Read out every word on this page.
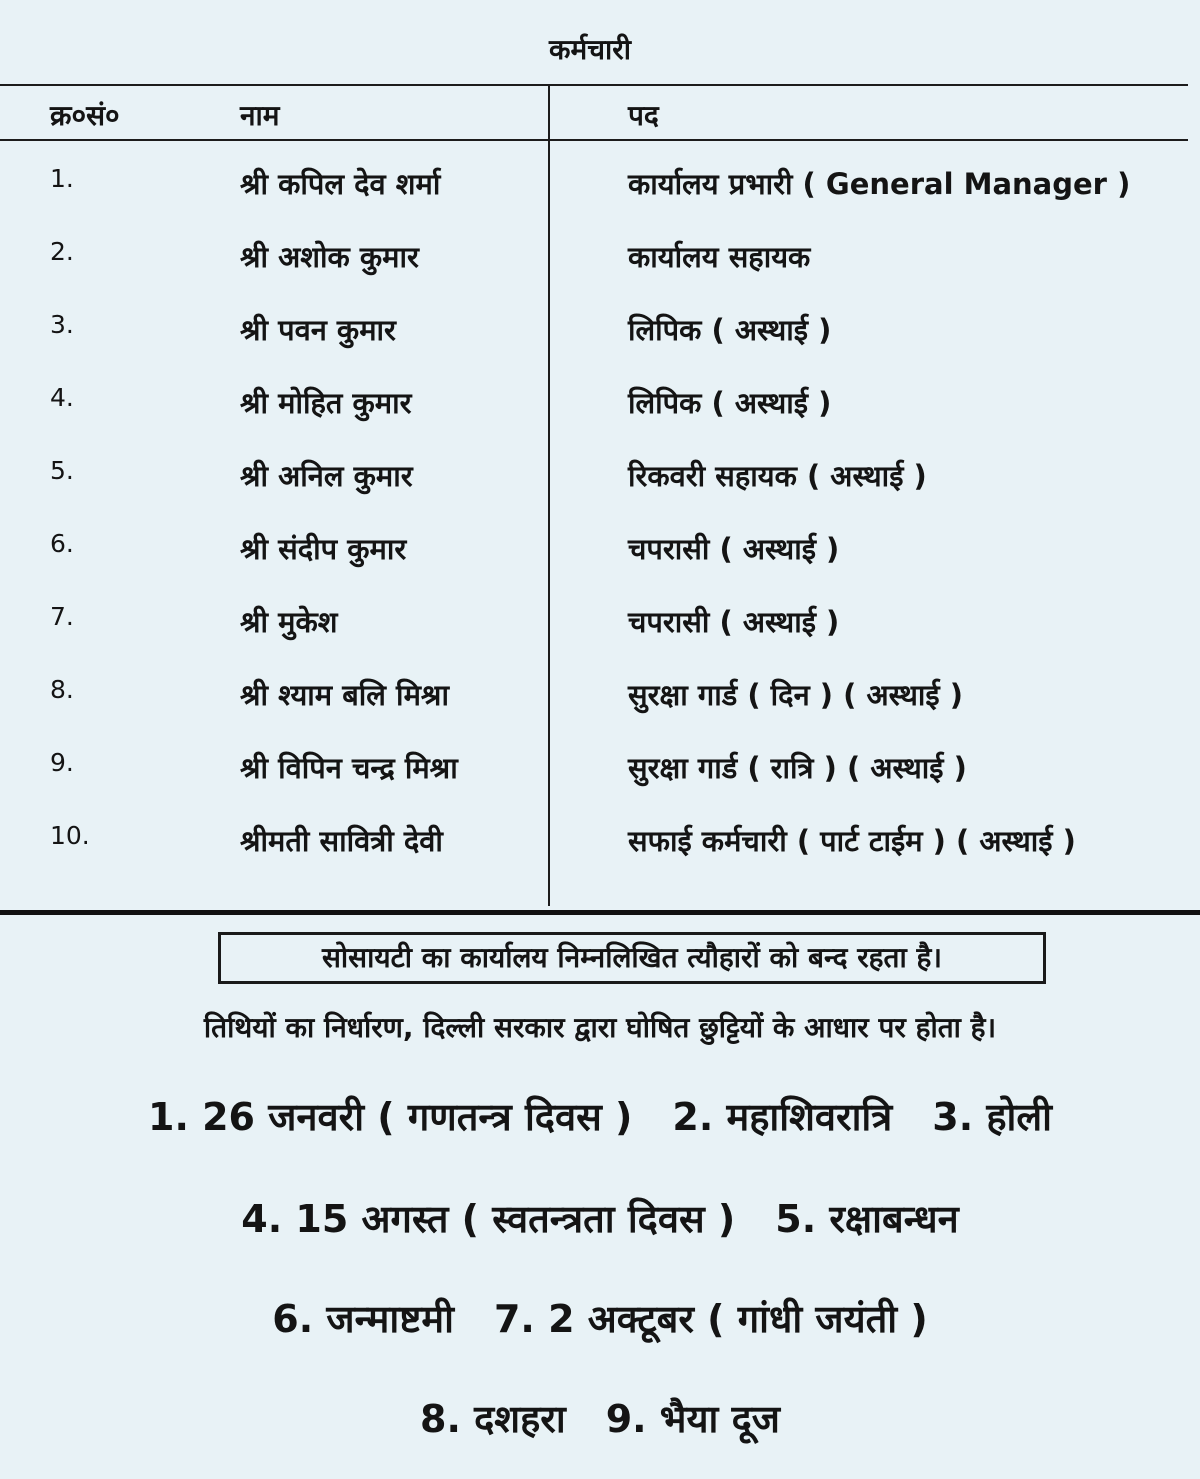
कर्मचारी
क्र०सं०	नाम	पद
1.	श्री कपिल देव शर्मा	कार्यालय प्रभारी ( General Manager )
2.	श्री अशोक कुमार	कार्यालय सहायक
3.	श्री पवन कुमार	लिपिक ( अस्थाई )
4.	श्री मोहित कुमार	लिपिक ( अस्थाई )
5.	श्री अनिल कुमार	रिकवरी सहायक ( अस्थाई )
6.	श्री संदीप कुमार	चपरासी ( अस्थाई )
7.	श्री मुकेश	चपरासी ( अस्थाई )
8.	श्री श्याम बलि मिश्रा	सुरक्षा गार्ड ( दिन ) ( अस्थाई )
9.	श्री विपिन चन्द्र मिश्रा	सुरक्षा गार्ड ( रात्रि ) ( अस्थाई )
10.	श्रीमती सावित्री देवी	सफाई कर्मचारी ( पार्ट टाईम ) ( अस्थाई )
सोसायटी का कार्यालय निम्नलिखित त्यौहारों को बन्द रहता है।
तिथियों का निर्धारण, दिल्ली सरकार द्वारा घोषित छुट्टियों के आधार पर होता है।
1. 26 जनवरी ( गणतन्त्र दिवस ) 2. महाशिवरात्रि 3. होली
4. 15 अगस्त ( स्वतन्त्रता दिवस ) 5. रक्षाबन्धन
6. जन्माष्टमी 7. 2 अक्टूबर ( गांधी जयंती )
8. दशहरा 9. भैया दूज
